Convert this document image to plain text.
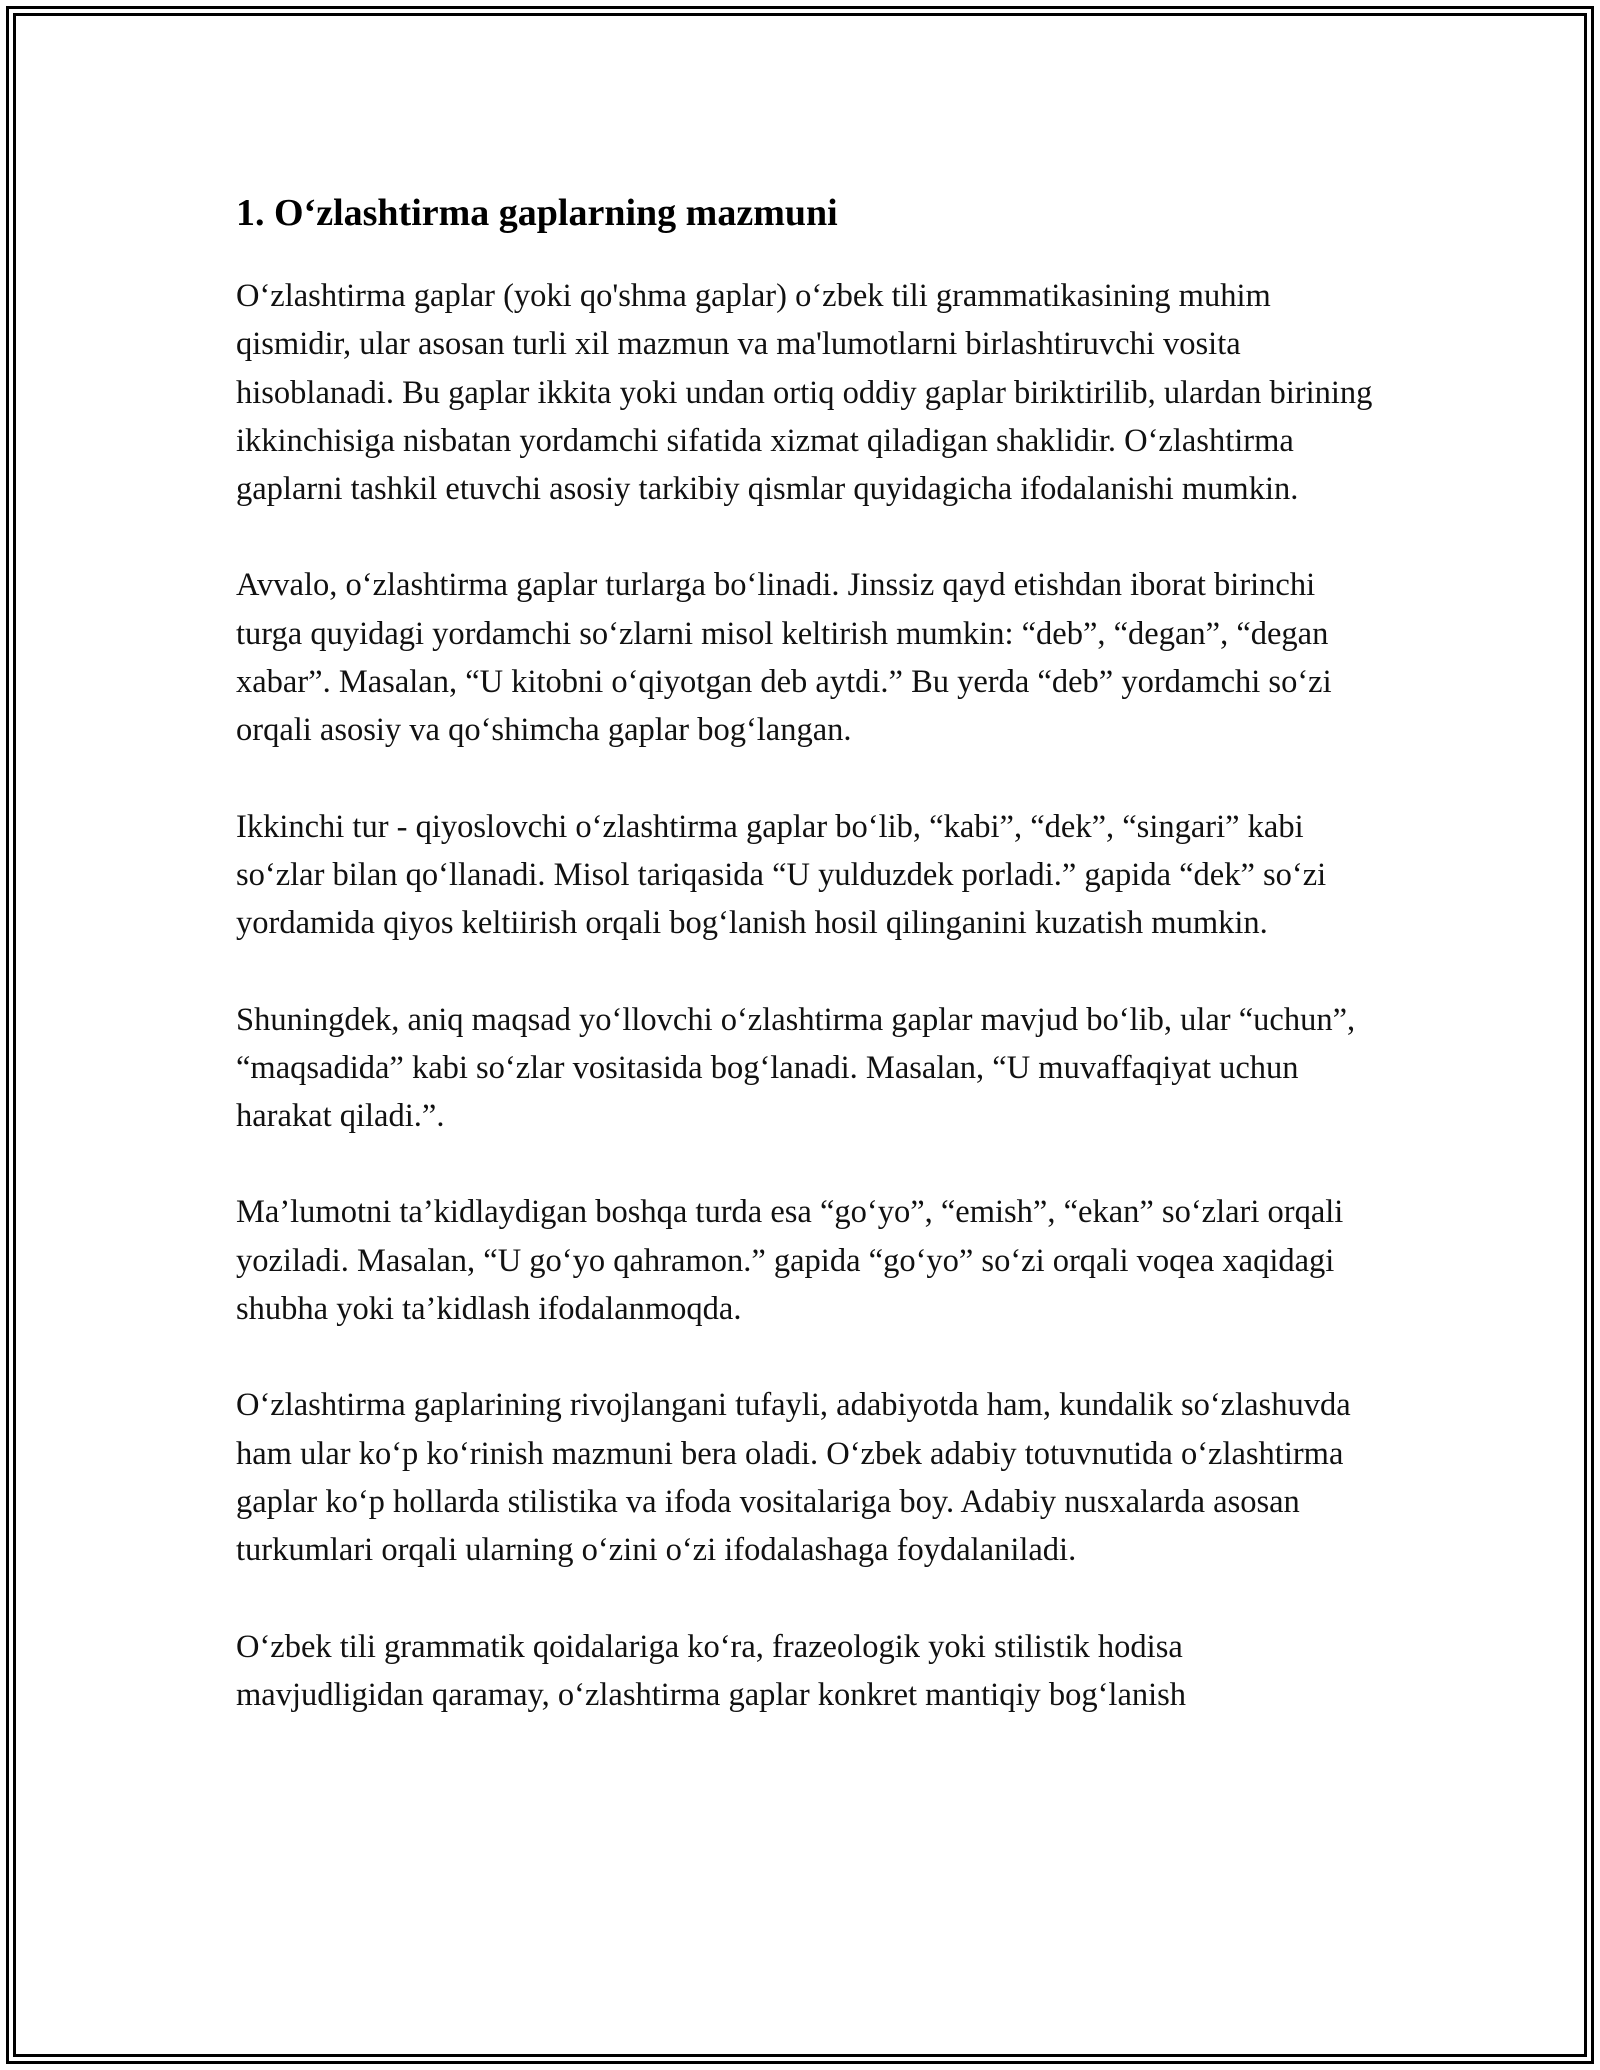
1. O‘zlashtirma gaplarning mazmuni

O‘zlashtirma gaplar (yoki qo'shma gaplar) o‘zbek tili grammatikasining muhim qismidir, ular asosan turli xil mazmun va ma'lumotlarni birlashtiruvchi vosita hisoblanadi. Bu gaplar ikkita yoki undan ortiq oddiy gaplar biriktirilib, ulardan birining ikkinchisiga nisbatan yordamchi sifatida xizmat qiladigan shaklidir. O‘zlashtirma gaplarni tashkil etuvchi asosiy tarkibiy qismlar quyidagicha ifodalanishi mumkin.

Avvalo, o‘zlashtirma gaplar turlarga bo‘linadi. Jinssiz qayd etishdan iborat birinchi turga quyidagi yordamchi so‘zlarni misol keltirish mumkin: “deb”, “degan”, “degan xabar”. Masalan, “U kitobni o‘qiyotgan deb aytdi.” Bu yerda “deb” yordamchi so‘zi orqali asosiy va qo‘shimcha gaplar bog‘langan.

Ikkinchi tur - qiyoslovchi o‘zlashtirma gaplar bo‘lib, “kabi”, “dek”, “singari” kabi so‘zlar bilan qo‘llanadi. Misol tariqasida “U yulduzdek porladi.” gapida “dek” so‘zi yordamida qiyos keltiirish orqali bog‘lanish hosil qilinganini kuzatish mumkin.

Shuningdek, aniq maqsad yo‘llovchi o‘zlashtirma gaplar mavjud bo‘lib, ular “uchun”, “maqsadida” kabi so‘zlar vositasida bog‘lanadi. Masalan, “U muvaffaqiyat uchun harakat qiladi.”.

Ma’lumotni ta’kidlaydigan boshqa turda esa “go‘yo”, “emish”, “ekan” so‘zlari orqali yoziladi. Masalan, “U go‘yo qahramon.” gapida “go‘yo” so‘zi orqali voqea xaqidagi shubha yoki ta’kidlash ifodalanmoqda.

O‘zlashtirma gaplarining rivojlangani tufayli, adabiyotda ham, kundalik so‘zlashuvda ham ular ko‘p ko‘rinish mazmuni bera oladi. O‘zbek adabiy totuvnutida o‘zlashtirma gaplar ko‘p hollarda stilistika va ifoda vositalariga boy. Adabiy nusxalarda asosan turkumlari orqali ularning o‘zini o‘zi ifodalashaga foydalaniladi.

O‘zbek tili grammatik qoidalariga ko‘ra, frazeologik yoki stilistik hodisa mavjudligidan qaramay, o‘zlashtirma gaplar konkret mantiqiy bog‘lanish
